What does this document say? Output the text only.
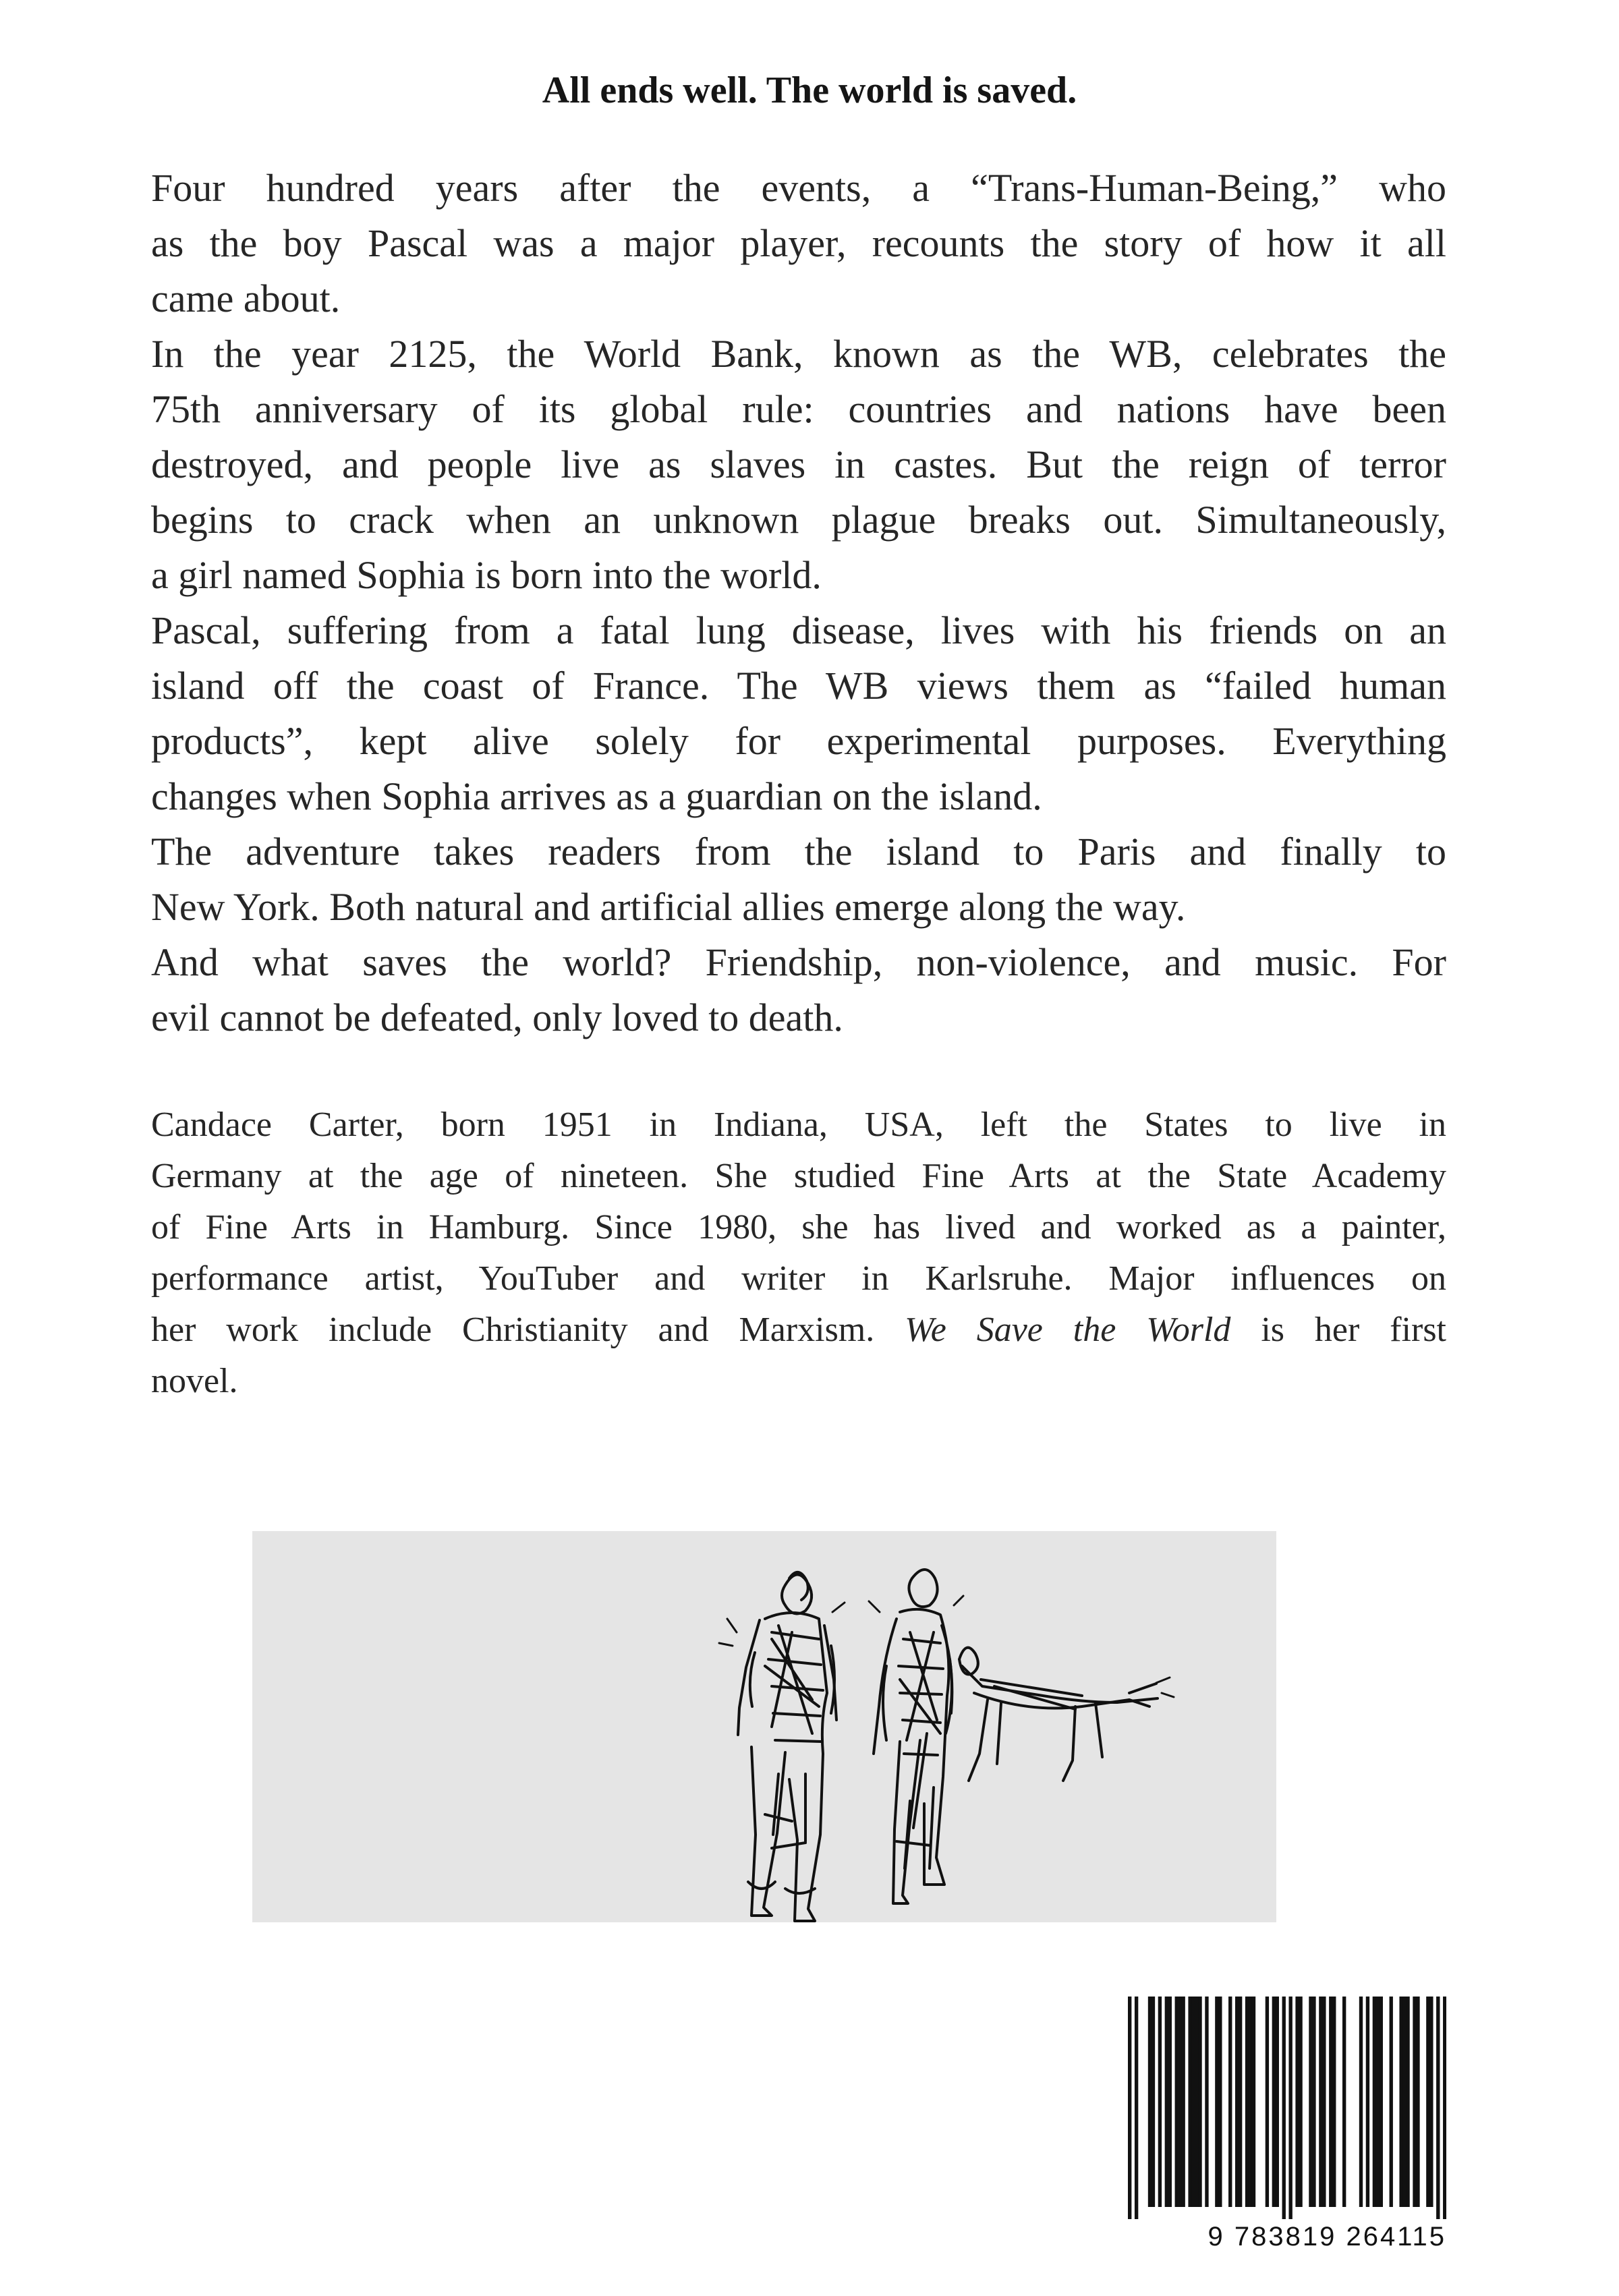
All ends well. The world is saved.
Four hundred years after the events, a “Trans-Human-Being,” who
as the boy Pascal was a major player, recounts the story of how it all
came about.
In the year 2125, the World Bank, known as the WB, celebrates the
75th anniversary of its global rule: countries and nations have been
destroyed, and people live as slaves in castes. But the reign of terror
begins to crack when an unknown plague breaks out. Simultaneously,
a girl named Sophia is born into the world.
Pascal, suffering from a fatal lung disease, lives with his friends on an
island off the coast of France. The WB views them as “failed human
products”, kept alive solely for experimental purposes. Everything
changes when Sophia arrives as a guardian on the island.
The adventure takes readers from the island to Paris and finally to
New York. Both natural and artificial allies emerge along the way.
And what saves the world? Friendship, non-violence, and music. For
evil cannot be defeated, only loved to death.
Candace Carter, born 1951 in Indiana, USA, left the States to live in
Germany at the age of nineteen. She studied Fine Arts at the State Academy
of Fine Arts in Hamburg. Since 1980, she has lived and worked as a painter,
performance artist, YouTuber and writer in Karlsruhe. Major influences on
her work include Christianity and Marxism. We Save the World is her first
novel.
9 783819 264115
